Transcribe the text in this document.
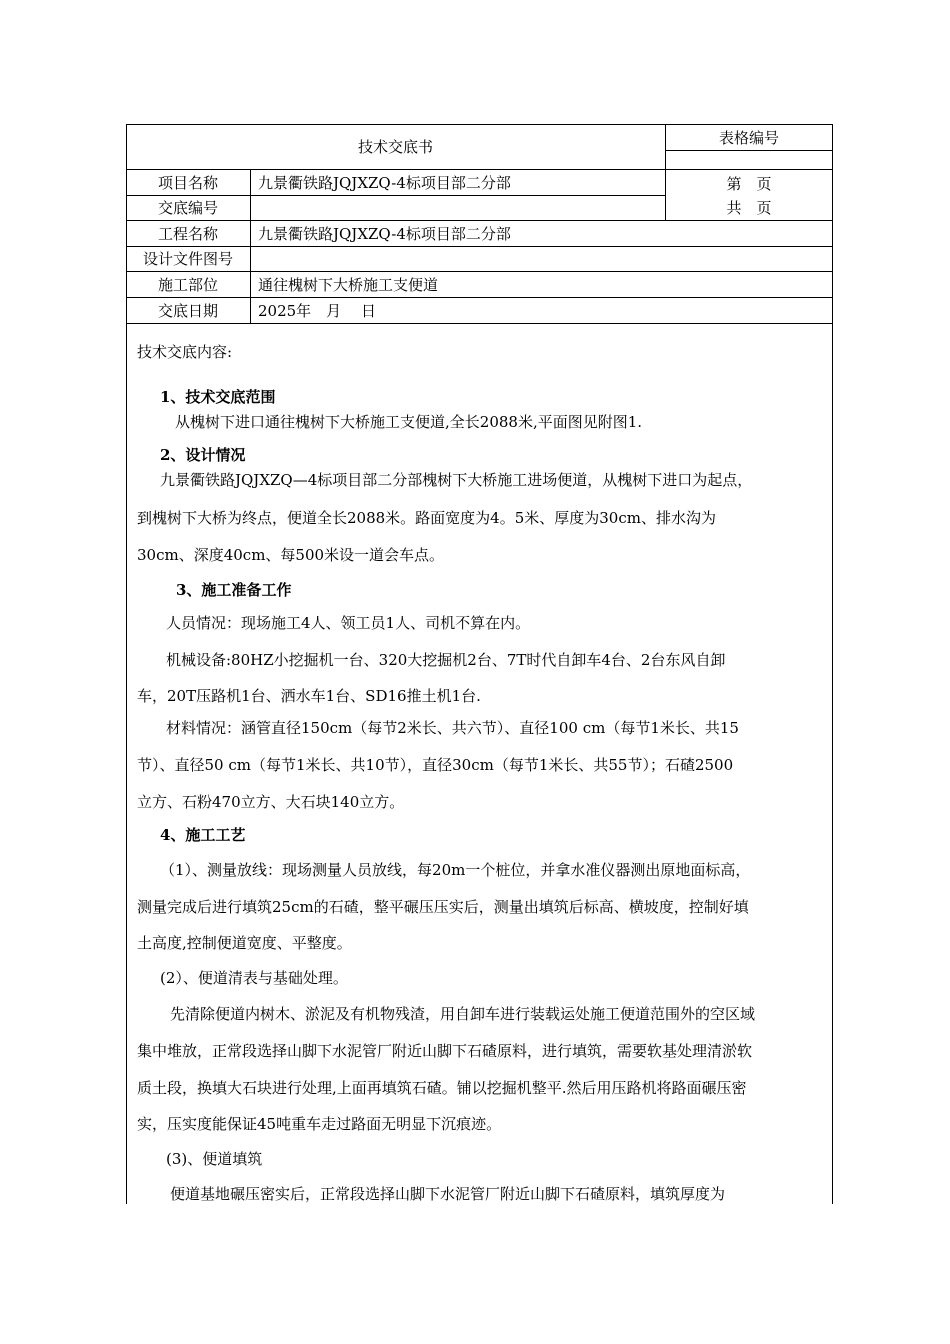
技术交底书	表格编号
第　页
共　页
项目名称	九景衢铁路JQJXZQ-4标项目部二分部
交底编号
工程名称	九景衢铁路JQJXZQ-4标项目部二分部
设计文件图号
施工部位	通往槐树下大桥施工支便道
交底日期	2025年　月　 日
技术交底内容:
1、技术交底范围
　从槐树下进口通往槐树下大桥施工支便道,全长2088米,平面图见附图1.
2、设计情况
　九景衢铁路JQJXZQ—4标项目部二分部槐树下大桥施工进场便道，从槐树下进口为起点，
到槐树下大桥为终点，便道全长2088米。路面宽度为4。5米、厚度为30cm、排水沟为
30cm、深度40cm、每500米设一道会车点。
3、施工准备工作
人员情况：现场施工4人、领工员1人、司机不算在内。
机械设备:80HZ小挖掘机一台、320大挖掘机2台、7T时代自卸车4台、2台东风自卸
车，20T压路机1台、洒水车1台、SD16推土机1台.
材料情况：涵管直径150cm（每节2米长、共六节）、直径100 cm（每节1米长、共15
节）、直径50 cm（每节1米长、共10节），直径30cm（每节1米长、共55节）；石碴2500
立方、石粉470立方、大石块140立方。
4、施工工艺
（1）、测量放线：现场测量人员放线，每20m一个桩位，并拿水准仪器测出原地面标高，
测量完成后进行填筑25cm的石碴，整平碾压压实后，测量出填筑后标高、横坡度，控制好填
土高度,控制便道宽度、平整度。
(2）、便道清表与基础处理。
先清除便道内树木、淤泥及有机物残渣，用自卸车进行装载运处施工便道范围外的空区域
集中堆放，正常段选择山脚下水泥管厂附近山脚下石碴原料，进行填筑，需要软基处理清淤软
质土段，换填大石块进行处理,上面再填筑石碴。铺以挖掘机整平.然后用压路机将路面碾压密
实，压实度能保证45吨重车走过路面无明显下沉痕迹。
(3)、便道填筑
便道基地碾压密实后，正常段选择山脚下水泥管厂附近山脚下石碴原料，填筑厚度为
